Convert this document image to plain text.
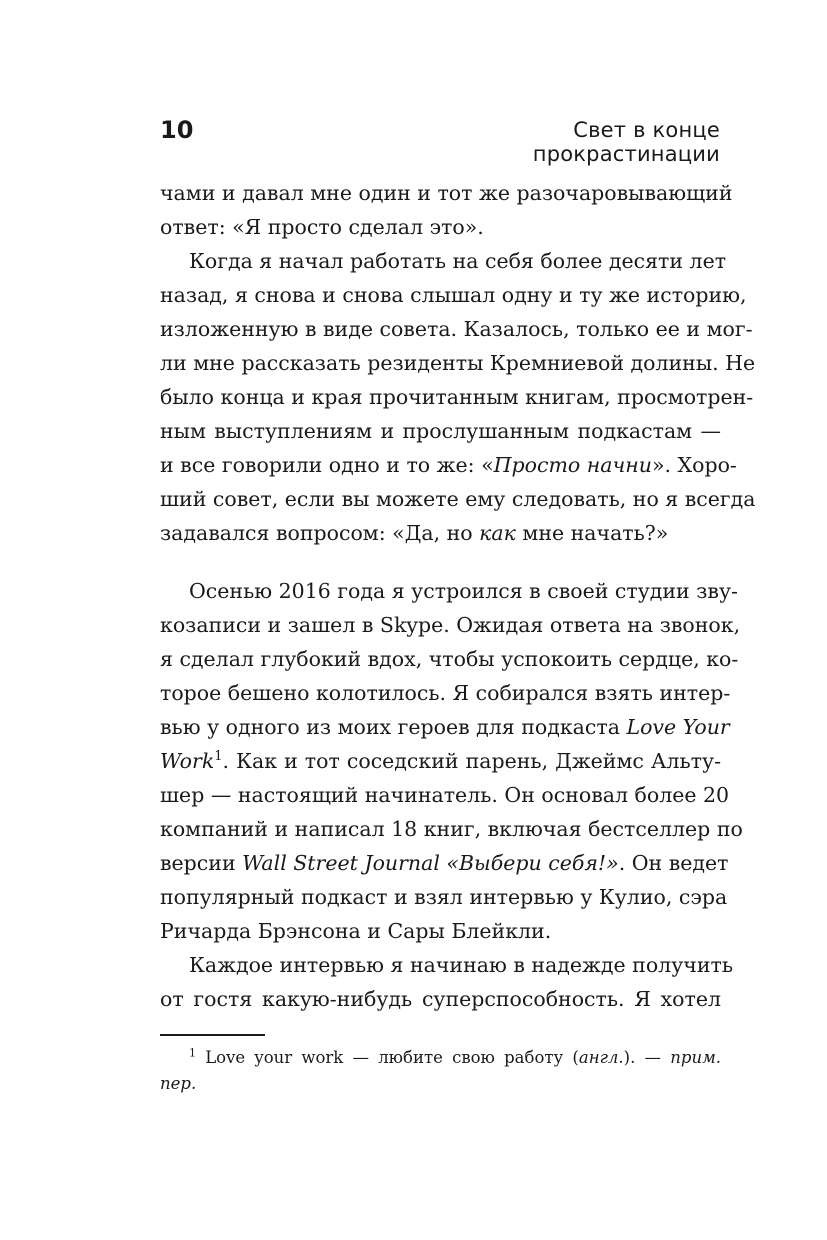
10	Свет в конце прокрастинации
чами и давал мне один и тот же разочаровывающий
ответ: «Я просто сделал это».
Когда я начал работать на себя более десяти лет
назад, я снова и снова слышал одну и ту же историю,
изложенную в виде совета. Казалось, только ее и мог-
ли мне рассказать резиденты Кремниевой долины. Не
было конца и края прочитанным книгам, просмотрен-
ным выступлениям и прослушанным подкастам —
и все говорили одно и то же: «Просто начни». Хоро-
ший совет, если вы можете ему следовать, но я всегда
задавался вопросом: «Да, но как мне начать?»
Осенью 2016 года я устроился в своей студии зву-
козаписи и зашел в Skype. Ожидая ответа на звонок,
я сделал глубокий вдох, чтобы успокоить сердце, ко-
торое бешено колотилось. Я собирался взять интер-
вью у одного из моих героев для подкаста Love Your
Work$^1$. Как и тот соседский парень, Джеймс Альту-
шер — настоящий начинатель. Он основал более 20
компаний и написал 18 книг, включая бестселлер по
версии Wall Street Journal «Выбери себя!». Он ведет
популярный подкаст и взял интервью у Кулио, сэра
Ричарда Брэнсона и Сары Блейкли.
Каждое интервью я начинаю в надежде получить
от гостя какую-нибудь суперспособность. Я хотел
$^1$ Love your work — любите свою работу (англ.). — прим.
пер.
